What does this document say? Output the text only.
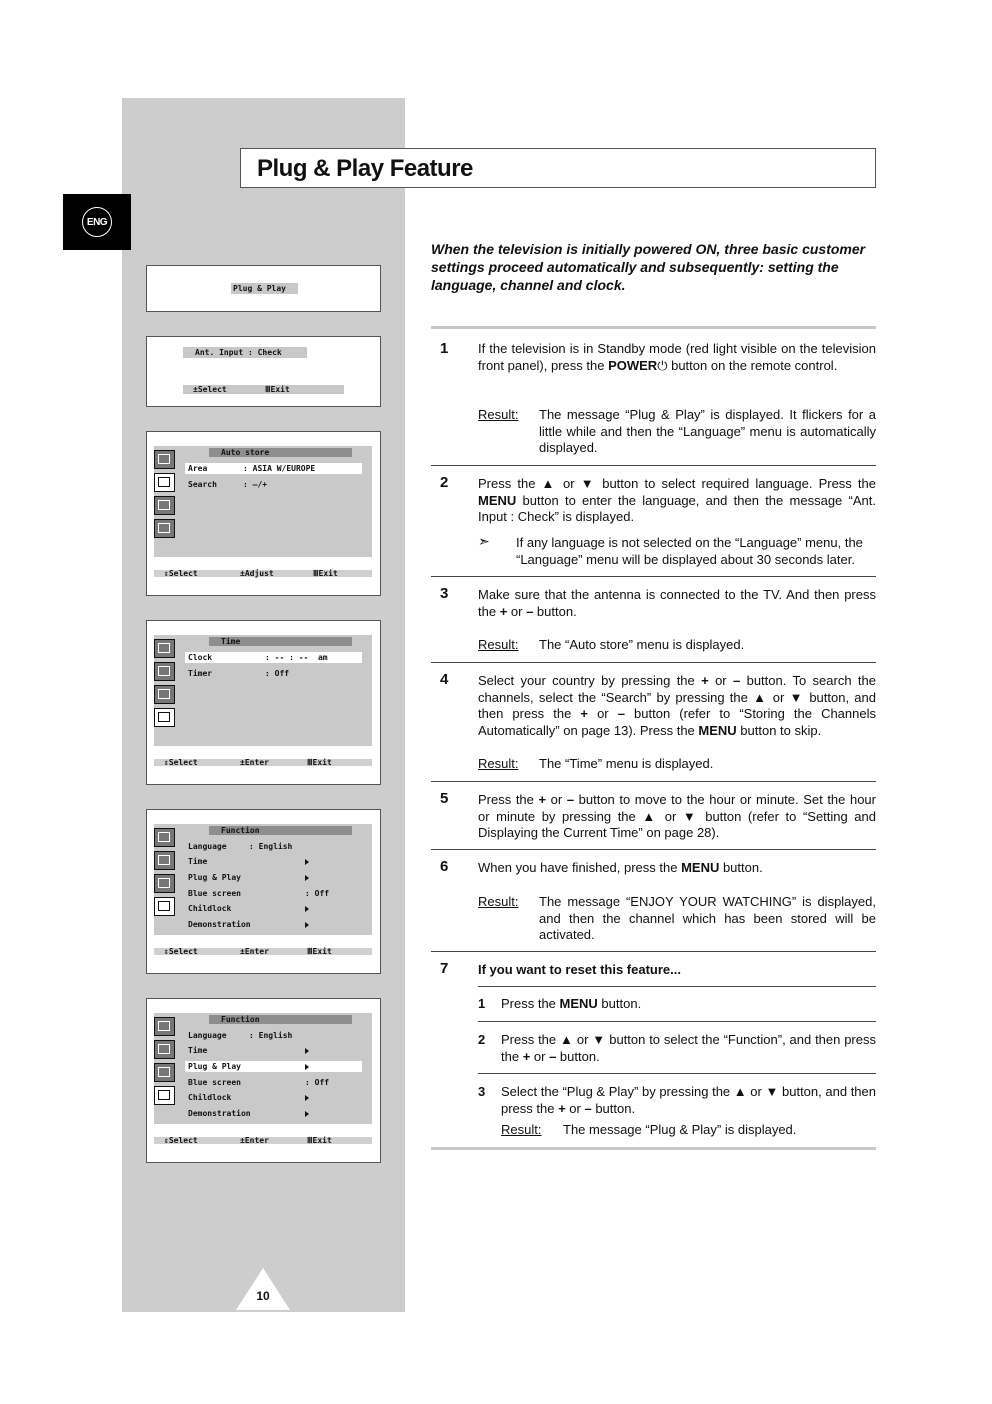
ENG
Plug & Play Feature
When the television is initially powered ON, three basic customer settings proceed automatically and subsequently: setting the language, channel and clock.
1 If the television is in Standby mode (red light visible on the television front panel), press the POWER⏻ button on the remote control.
Result: The message “Plug & Play” is displayed. It flickers for a little while and then the “Language” menu is automatically displayed.
2 Press the ▲ or ▼ button to select required language. Press the MENU button to enter the language, and then the message “Ant. Input : Check” is displayed.
➣ If any language is not selected on the “Language” menu, the “Language” menu will be displayed about 30 seconds later.
3 Make sure that the antenna is connected to the TV. And then press the + or – button.
Result: The “Auto store” menu is displayed.
4 Select your country by pressing the + or – button. To search the channels, select the “Search” by pressing the ▲ or ▼ button, and then press the + or – button (refer to “Storing the Channels Automatically” on page 13). Press the MENU button to skip.
Result: The “Time” menu is displayed.
5 Press the + or – button to move to the hour or minute. Set the hour or minute by pressing the ▲ or ▼ button (refer to “Setting and Displaying the Current Time” on page 28).
6 When you have finished, press the MENU button.
Result: The message “ENJOY YOUR WATCHING” is displayed, and then the channel which has been stored will be activated.
7 If you want to reset this feature...
1 Press the MENU button.
2 Press the ▲ or ▼ button to select the “Function”, and then press the + or – button.
3 Select the “Plug & Play” by pressing the ▲ or ▼ button, and then press the + or – button.
Result: The message “Plug & Play” is displayed.
Plug & Play
Ant. Input : Check
±Select	ⅢExit
Auto store
Area	: ASIA W/EUROPE
Search	: –/+
⇕Select	±Adjust	ⅢExit
Time
Clock	: -- : --  am
Timer	: Off
⇕Select	±Enter	ⅢExit
Function
Language	: English
Time
Plug & Play
Blue screen	: Off
Childlock
Demonstration
⇕Select	±Enter	ⅢExit
Function
Language	: English
Time
Plug & Play
Blue screen	: Off
Childlock
Demonstration
⇕Select	±Enter	ⅢExit
10
